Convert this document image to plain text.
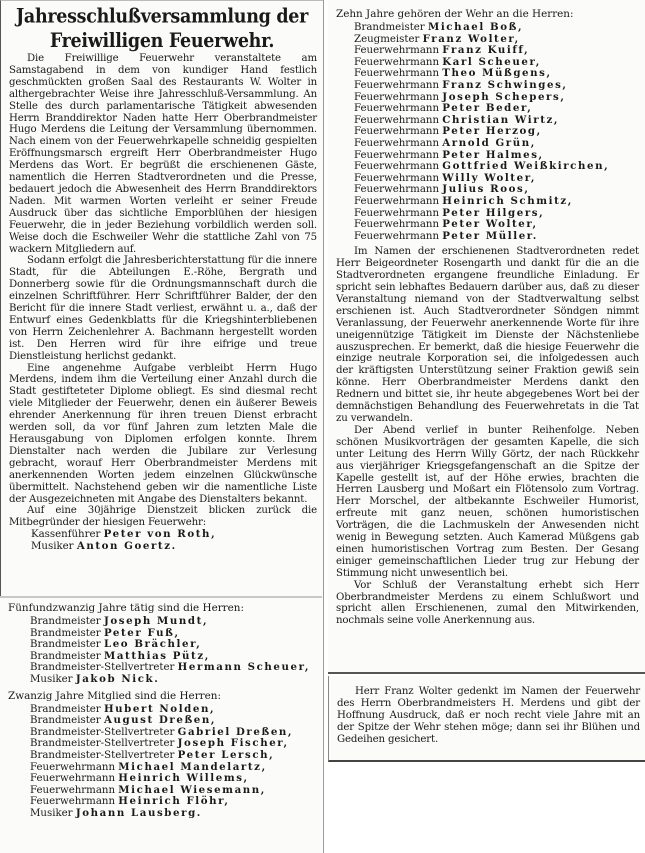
Jahresschlußversammlung der Freiwilligen Feuerwehr.

Die Freiwillige Feuerwehr veranstaltete am Samstagabend in dem von kundiger Hand festlich geschmückten großen Saal des Restaurants W. Wolter in althergebrachter Weise ihre Jahresschluß-Versammlung. An Stelle des durch parlamentarische Tätigkeit abwesenden Herrn Branddirektor Naden hatte Herr Oberbrandmeister Hugo Merdens die Leitung der Versammlung übernommen. Nach einem von der Feuerwehrkapelle schneidig gespielten Eröffnungsmarsch ergreift Herr Oberbrandmeister Hugo Merdens das Wort. Er begrüßt die erschienenen Gäste, namentlich die Herren Stadtverordneten und die Presse, bedauert jedoch die Abwesenheit des Herrn Branddirektors Naden. Mit warmen Worten verleiht er seiner Freude Ausdruck über das sichtliche Emporblühen der hiesigen Feuerwehr, die in jeder Beziehung vorbildlich werden soll. Weise doch die Eschweiler Wehr die stattliche Zahl von 75 wackern Mitgliedern auf.

Sodann erfolgt die Jahresberichterstattung für die innere Stadt, für die Abteilungen E.-Röhe, Bergrath und Donnerberg sowie für die Ordnungsmannschaft durch die einzelnen Schriftführer. Herr Schriftführer Balder, der den Bericht für die innere Stadt verliest, erwähnt u. a., daß der Entwurf eines Gedenkblatts für die Kriegshinterbliebenen von Herrn Zeichenlehrer A. Bachmann hergestellt worden ist. Den Herren wird für ihre eifrige und treue Dienstleistung herlichst gedankt.

Eine angenehme Aufgabe verbleibt Herrn Hugo Merdens, indem ihm die Verteilung einer Anzahl durch die Stadt gestifteteter Diplome obliegt. Es sind diesmal recht viele Mitglieder der Feuerwehr, denen ein äußerer Beweis ehrender Anerkennung für ihren treuen Dienst erbracht werden soll, da vor fünf Jahren zum letzten Male die Herausgabung von Diplomen erfolgen konnte. Ihrem Dienstalter nach werden die Jubilare zur Verlesung gebracht, worauf Herr Oberbrandmeister Merdens mit anerkennenden Worten jedem einzelnen Glückwünsche übermittelt. Nachstehend geben wir die namentliche Liste der Ausgezeichneten mit Angabe des Dienstalters bekannt.

Auf eine 30jährige Dienstzeit blicken zurück die Mitbegründer der hiesigen Feuerwehr:

Kassenführer Peter von Roth,
Musiker Anton Goertz.
Fünfundzwanzig Jahre tätig sind die Herren:
Brandmeister Joseph Mundt,
Brandmeister Peter Fuß,
Brandmeister Leo Brächler,
Brandmeister Matthias Pütz,
Brandmeister-Stellvertreter Hermann Scheuer,
Musiker Jakob Nick.
Zwanzig Jahre Mitglied sind die Herren:
Brandmeister Hubert Nolden,
Brandmeister August Dreßen,
Brandmeister-Stellvertreter Gabriel Dreßen,
Brandmeister-Stellvertreter Joseph Fischer,
Brandmeister-Stellvertreter Peter Lersch,
Feuerwehrmann Michael Mandelartz,
Feuerwehrmann Heinrich Willems,
Feuerwehrmann Michael Wiesemann,
Feuerwehrmann Heinrich Flöhr,
Musiker Johann Lausberg.
Zehn Jahre gehören der Wehr an die Herren:
Brandmeister Michael Boß,
Zeugmeister Franz Wolter,
Feuerwehrmann Franz Kuiff,
Feuerwehrmann Karl Scheuer,
Feuerwehrmann Theo Müßgens,
Feuerwehrmann Franz Schwinges,
Feuerwehrmann Joseph Schepers,
Feuerwehrmann Peter Beder,
Feuerwehrmann Christian Wirtz,
Feuerwehrmann Peter Herzog,
Feuerwehrmann Arnold Grün,
Feuerwehrmann Peter Halmes,
Feuerwehrmann Gottfried Weißkirchen,
Feuerwehrmann Willy Wolter,
Feuerwehrmann Julius Roos,
Feuerwehrmann Heinrich Schmitz,
Feuerwehrmann Peter Hilgers,
Feuerwehrmann Peter Wolter,
Feuerwehrmann Peter Müller.

Im Namen der erschienenen Stadtverordneten redet Herr Beigeordneter Rosengarth und dankt für die an die Stadtverordneten ergangene freundliche Einladung. Er spricht sein lebhaftes Bedauern darüber aus, daß zu dieser Veranstaltung niemand von der Stadtverwaltung selbst erschienen ist. Auch Stadtverordneter Söndgen nimmt Veranlassung, der Feuerwehr anerkennende Worte für ihre uneigennützige Tätigkeit im Dienste der Nächstenliebe auszusprechen. Er bemerkt, daß die hiesige Feuerwehr die einzige neutrale Korporation sei, die infolgedessen auch der kräftigsten Unterstützung seiner Fraktion gewiß sein könne. Herr Oberbrandmeister Merdens dankt den Rednern und bittet sie, ihr heute abgegebenes Wort bei der demnächstigen Behandlung des Feuerwehretats in die Tat zu verwandeln.

Der Abend verlief in bunter Reihenfolge. Neben schönen Musikvorträgen der gesamten Kapelle, die sich unter Leitung des Herrn Willy Görtz, der nach Rückkehr aus vierjähriger Kriegsgefangenschaft an die Spitze der Kapelle gestellt ist, auf der Höhe erwies, brachten die Herren Lausberg und Moßart ein Flötensolo zum Vortrag. Herr Morschel, der altbekannte Eschweiler Humorist, erfreute mit ganz neuen, schönen humoristischen Vorträgen, die die Lachmuskeln der Anwesenden nicht wenig in Bewegung setzten. Auch Kamerad Müßgens gab einen humoristischen Vortrag zum Besten. Der Gesang einiger gemeinschaftlichen Lieder trug zur Hebung der Stimmung nicht unwesentlich bei.

Vor Schluß der Veranstaltung erhebt sich Herr Oberbrandmeister Merdens zu einem Schlußwort und spricht allen Erschienenen, zumal den Mitwirkenden, nochmals seine volle Anerkennung aus.

Herr Franz Wolter gedenkt im Namen der Feuerwehr des Herrn Oberbrandmeisters H. Merdens und gibt der Hoffnung Ausdruck, daß er noch recht viele Jahre mit an der Spitze der Wehr stehen möge; dann sei ihr Blühen und Gedeihen gesichert.
